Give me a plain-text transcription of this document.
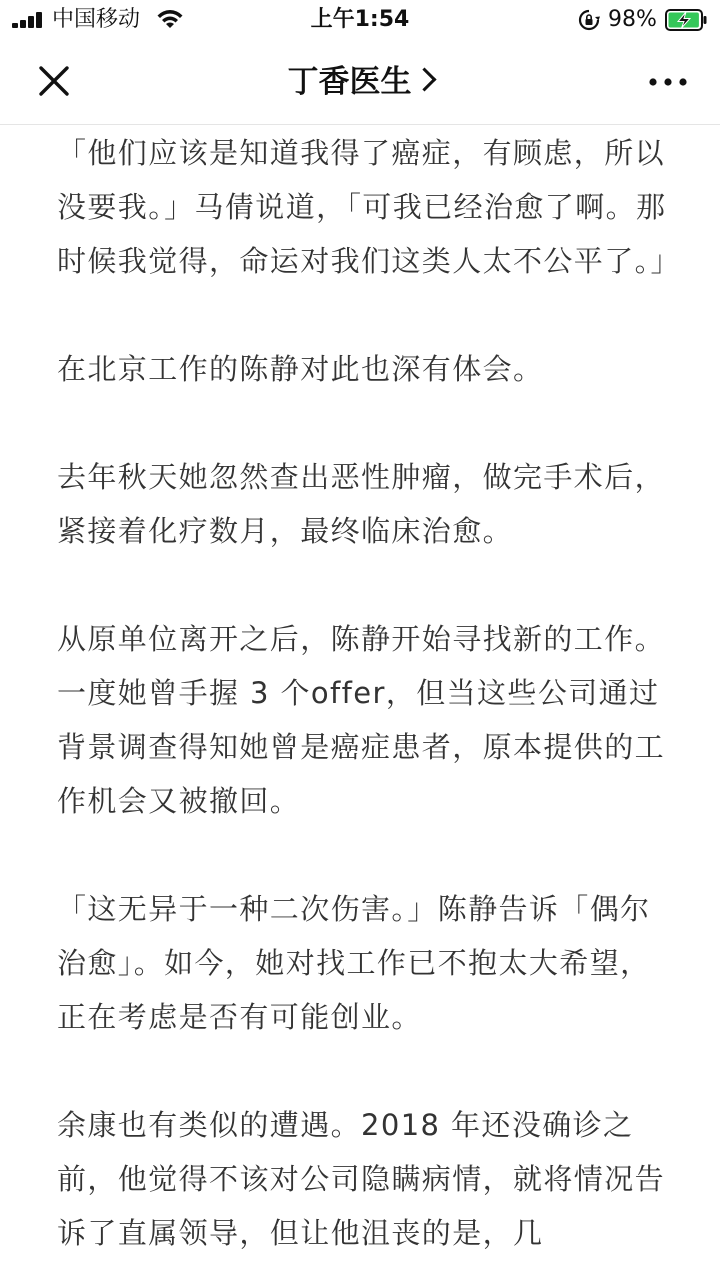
中国移动	上午1:54	98%
丁香医生

「他们应该是知道我得了癌症，有顾虑，所以没要我。」马倩说道，「可我已经治愈了啊。那时候我觉得，命运对我们这类人太不公平了。」

在北京工作的陈静对此也深有体会。

去年秋天她忽然查出恶性肿瘤，做完手术后，紧接着化疗数月，最终临床治愈。

从原单位离开之后，陈静开始寻找新的工作。一度她曾手握 3 个offer，但当这些公司通过背景调查得知她曾是癌症患者，原本提供的工作机会又被撤回。

「这无异于一种二次伤害。」陈静告诉「偶尔治愈」。如今，她对找工作已不抱太大希望，正在考虑是否有可能创业。

余康也有类似的遭遇。2018 年还没确诊之前，他觉得不该对公司隐瞒病情，就将情况告诉了直属领导，但让他沮丧的是，几
